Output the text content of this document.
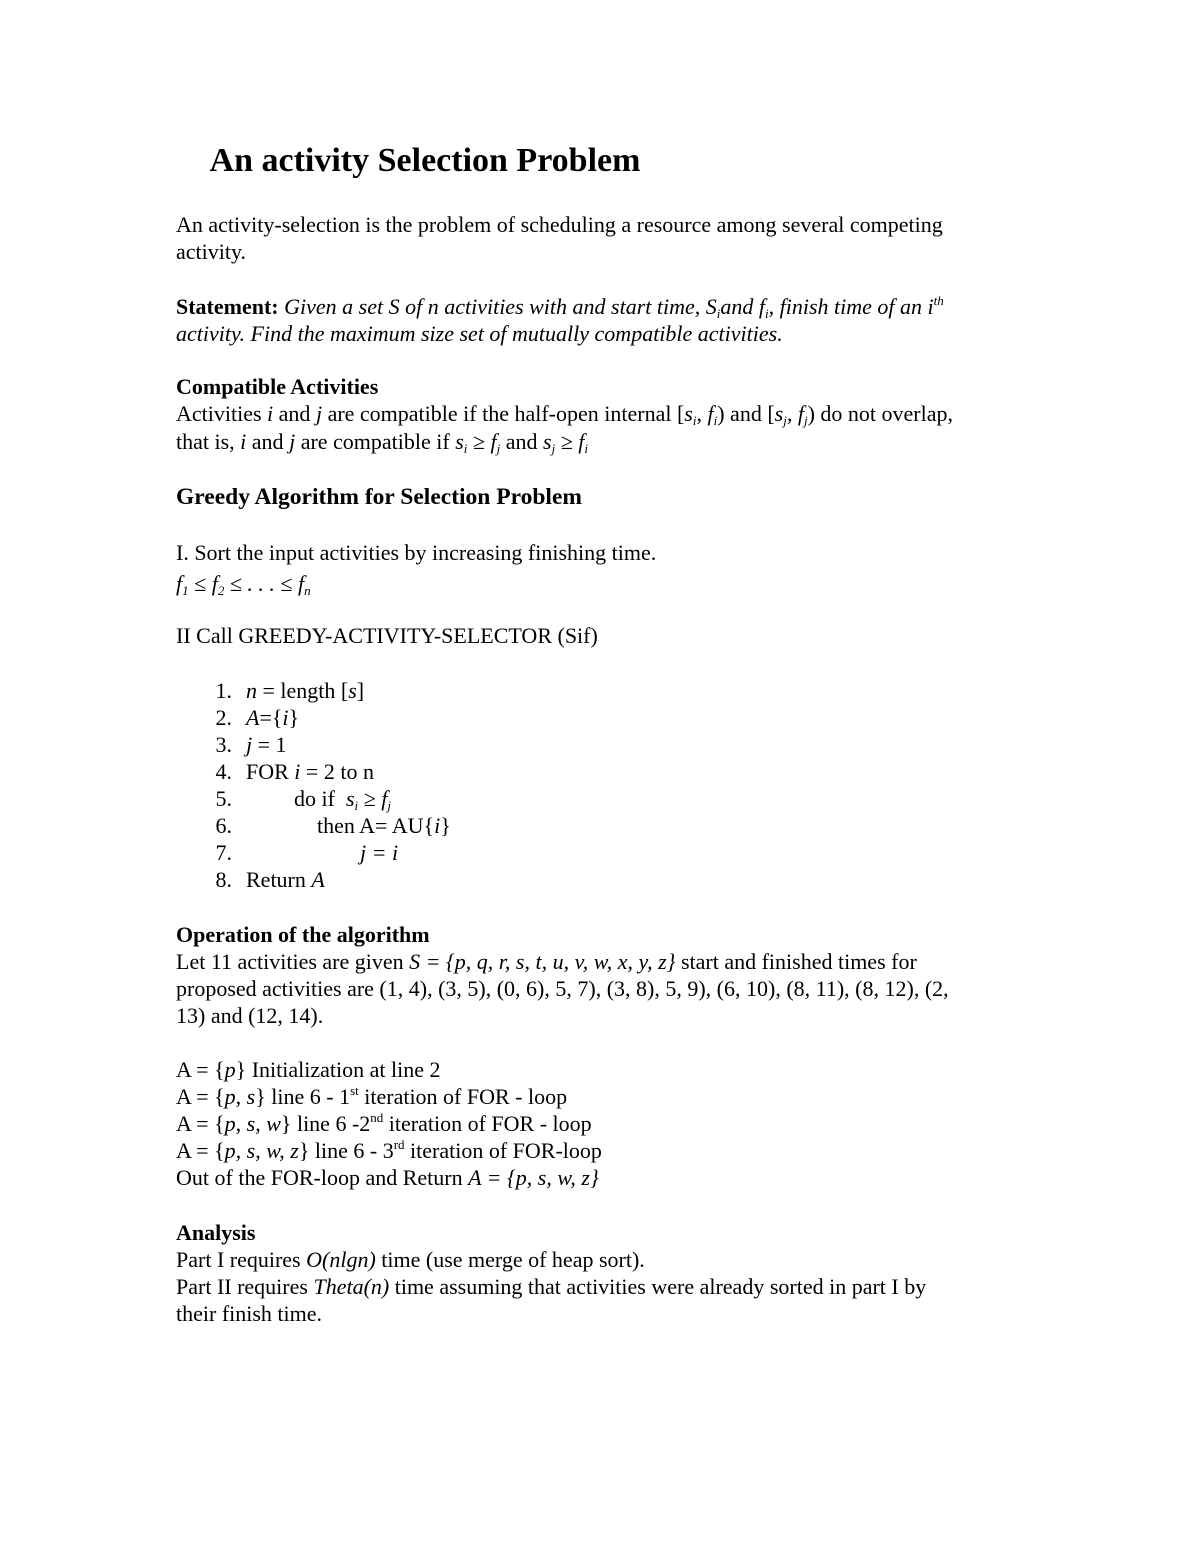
An activity Selection Problem
An activity-selection is the problem of scheduling a resource among several competing
activity.
Statement: Given a set S of n activities with and start time, $S_iand$ $f_i$, finish time of an $i^{th}$
activity. Find the maximum size set of mutually compatible activities.
Compatible Activities
Activities i and j are compatible if the half-open internal [$s_i$, $f_i$) and [$s_j$, $f_j$) do not overlap,
that is, i and j are compatible if $s_i \ge f_j$ and $s_j \ge f_i$
Greedy Algorithm for Selection Problem
I. Sort the input activities by increasing finishing time.
$f_1 \le f_2$ ≤ . . . ≤ $f_n$
II Call GREEDY-ACTIVITY-SELECTOR (Sif)
1. n = length [s]
2. A={i}
3. j = 1
4. FOR i = 2 to n
5.	do if  $s_i \ge f_j$
6.	then A= AU{i}
7.	j = i
8. Return A
Operation of the algorithm
Let 11 activities are given S = {p, q, r, s, t, u, v, w, x, y, z} start and finished times for
proposed activities are (1, 4), (3, 5), (0, 6), 5, 7), (3, 8), 5, 9), (6, 10), (8, 11), (8, 12), (2,
13) and (12, 14).
A = {p} Initialization at line 2
A = {p, s} line 6 - 1st iteration of FOR - loop
A = {p, s, w} line 6 -2nd iteration of FOR - loop
A = {p, s, w, z} line 6 - 3rd iteration of FOR-loop
Out of the FOR-loop and Return A = {p, s, w, z}
Analysis
Part I requires O(nlgn) time (use merge of heap sort).
Part II requires Theta(n) time assuming that activities were already sorted in part I by
their finish time.
